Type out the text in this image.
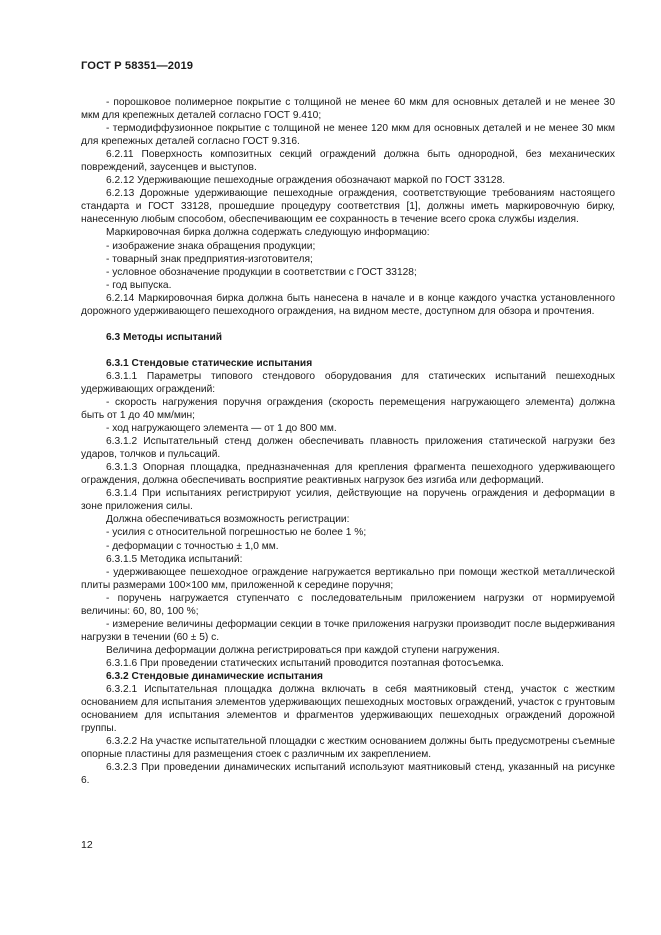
ГОСТ Р 58351—2019

- порошковое полимерное покрытие с толщиной не менее 60 мкм для основных деталей и не менее 30 мкм для крепежных деталей согласно ГОСТ 9.410;

- термодиффузионное покрытие с толщиной не менее 120 мкм для основных деталей и не менее 30 мкм для крепежных деталей согласно ГОСТ 9.316.

6.2.11 Поверхность композитных секций ограждений должна быть однородной, без механических повреждений, заусенцев и выступов.

6.2.12 Удерживающие пешеходные ограждения обозначают маркой по ГОСТ 33128.

6.2.13 Дорожные удерживающие пешеходные ограждения, соответствующие требованиям настоящего стандарта и ГОСТ 33128, прошедшие процедуру соответствия [1], должны иметь маркировочную бирку, нанесенную любым способом, обеспечивающим ее сохранность в течение всего срока службы изделия.

Маркировочная бирка должна содержать следующую информацию:

- изображение знака обращения продукции;

- товарный знак предприятия-изготовителя;

- условное обозначение продукции в соответствии с ГОСТ 33128;

- год выпуска.

6.2.14 Маркировочная бирка должна быть нанесена в начале и в конце каждого участка установленного дорожного удерживающего пешеходного ограждения, на видном месте, доступном для обзора и прочтения.

6.3 Методы испытаний

6.3.1 Стендовые статические испытания

6.3.1.1 Параметры типового стендового оборудования для статических испытаний пешеходных удерживающих ограждений:

- скорость нагружения поручня ограждения (скорость перемещения нагружающего элемента) должна быть от 1 до 40 мм/мин;

- ход нагружающего элемента — от 1 до 800 мм.

6.3.1.2 Испытательный стенд должен обеспечивать плавность приложения статической нагрузки без ударов, толчков и пульсаций.

6.3.1.3 Опорная площадка, предназначенная для крепления фрагмента пешеходного удерживающего ограждения, должна обеспечивать восприятие реактивных нагрузок без изгиба или деформаций.

6.3.1.4 При испытаниях регистрируют усилия, действующие на поручень ограждения и деформации в зоне приложения силы.

Должна обеспечиваться возможность регистрации:

- усилия с относительной погрешностью не более 1 %;

- деформации с точностью ± 1,0 мм.

6.3.1.5 Методика испытаний:

- удерживающее пешеходное ограждение нагружается вертикально при помощи жесткой металлической плиты размерами 100×100 мм, приложенной к середине поручня;

- поручень нагружается ступенчато с последовательным приложением нагрузки от нормируемой величины: 60, 80, 100 %;

- измерение величины деформации секции в точке приложения нагрузки производит после выдерживания нагрузки в течении (60 ± 5) с.

Величина деформации должна регистрироваться при каждой ступени нагружения.

6.3.1.6 При проведении статических испытаний проводится поэтапная фотосъемка.

6.3.2 Стендовые динамические испытания

6.3.2.1 Испытательная площадка должна включать в себя маятниковый стенд, участок с жестким основанием для испытания элементов удерживающих пешеходных мостовых ограждений, участок с грунтовым основанием для испытания элементов и фрагментов удерживающих пешеходных ограждений дорожной группы.

6.3.2.2 На участке испытательной площадки с жестким основанием должны быть предусмотрены съемные опорные пластины для размещения стоек с различным их закреплением.

6.3.2.3 При проведении динамических испытаний используют маятниковый стенд, указанный на рисунке 6.

12
